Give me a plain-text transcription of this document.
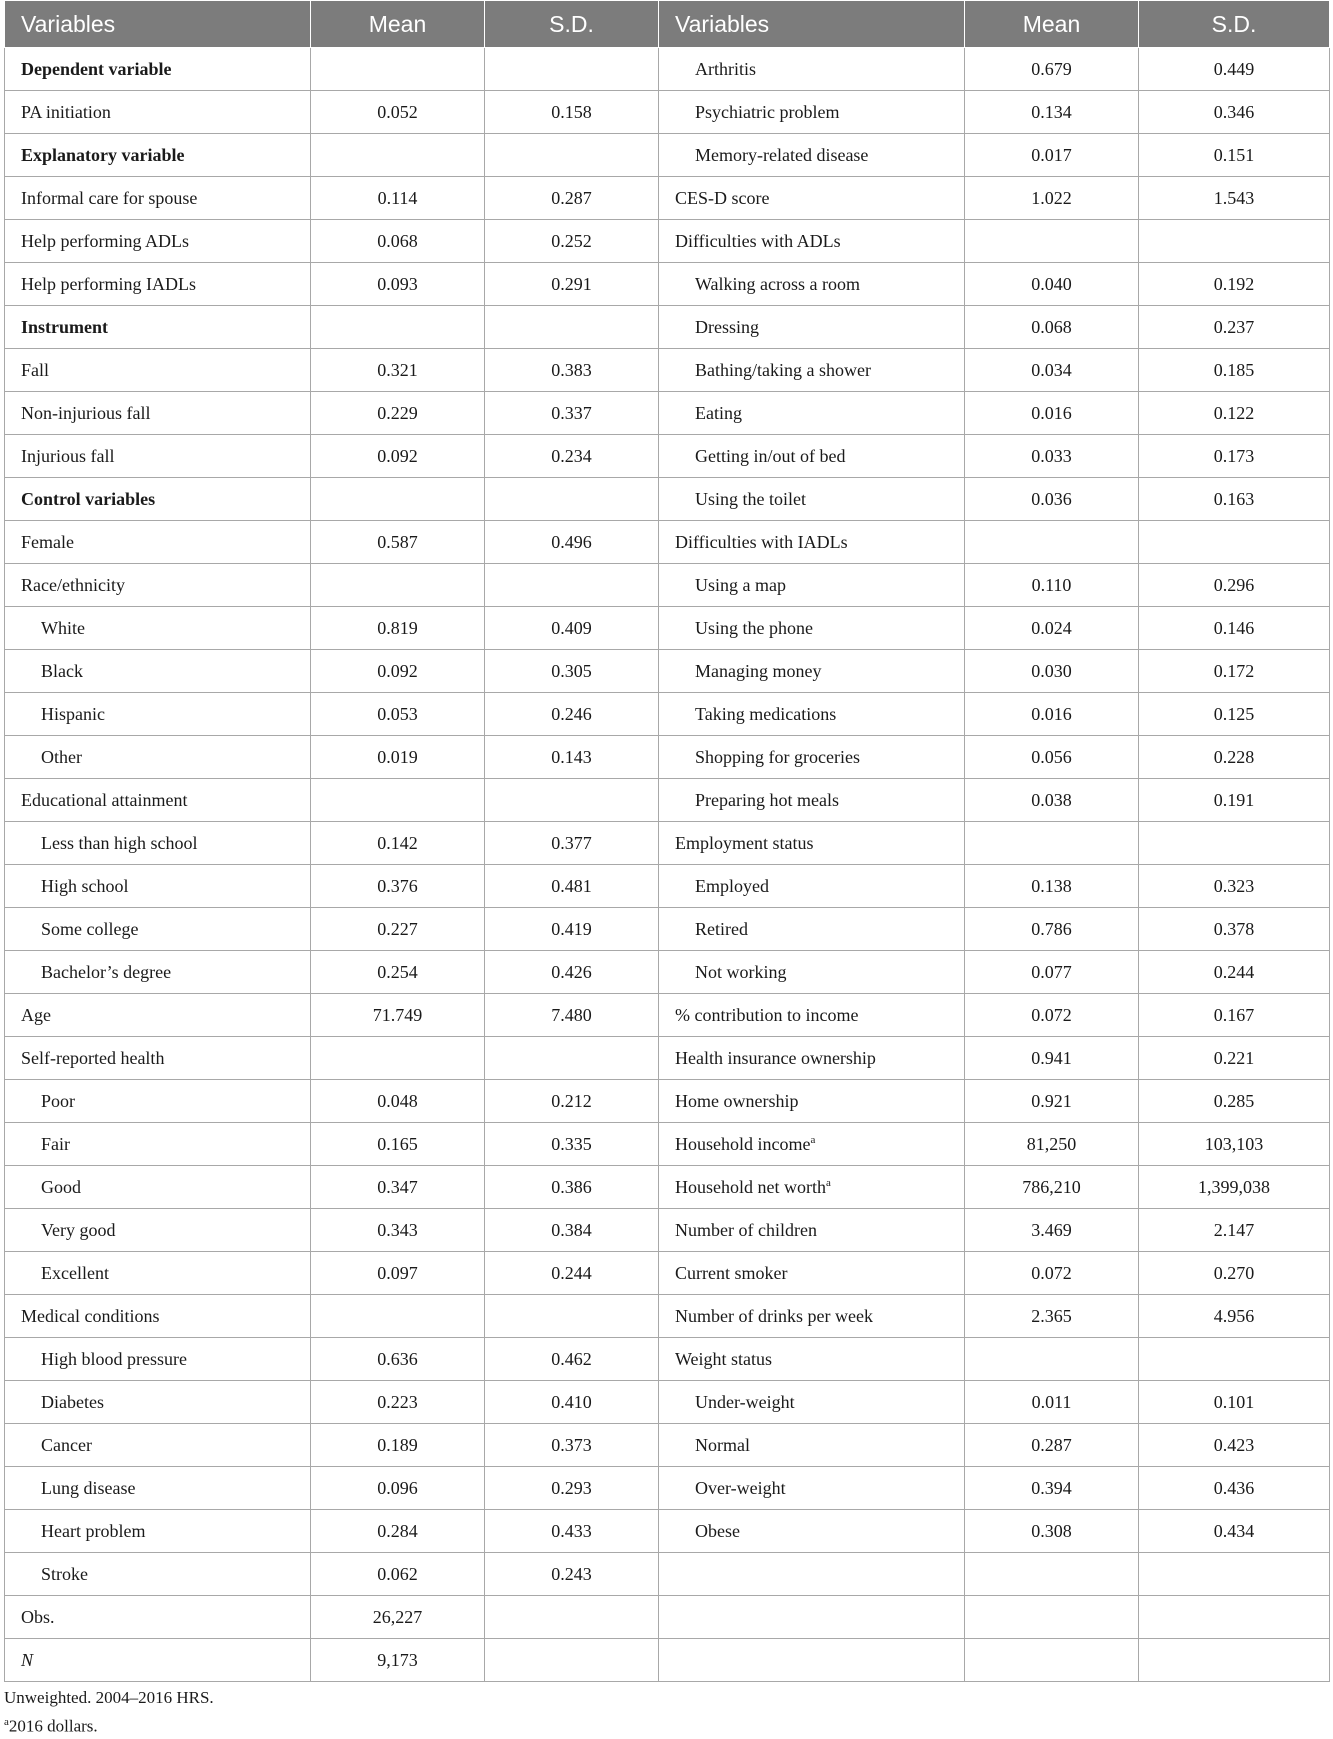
Variables	Mean	S.D.	Variables	Mean	S.D.
Dependent variable			Arthritis	0.679	0.449
PA initiation	0.052	0.158	Psychiatric problem	0.134	0.346
Explanatory variable			Memory-related disease	0.017	0.151
Informal care for spouse	0.114	0.287	CES-D score	1.022	1.543
Help performing ADLs	0.068	0.252	Difficulties with ADLs		
Help performing IADLs	0.093	0.291	Walking across a room	0.040	0.192
Instrument			Dressing	0.068	0.237
Fall	0.321	0.383	Bathing/taking a shower	0.034	0.185
Non-injurious fall	0.229	0.337	Eating	0.016	0.122
Injurious fall	0.092	0.234	Getting in/out of bed	0.033	0.173
Control variables			Using the toilet	0.036	0.163
Female	0.587	0.496	Difficulties with IADLs		
Race/ethnicity			Using a map	0.110	0.296
White	0.819	0.409	Using the phone	0.024	0.146
Black	0.092	0.305	Managing money	0.030	0.172
Hispanic	0.053	0.246	Taking medications	0.016	0.125
Other	0.019	0.143	Shopping for groceries	0.056	0.228
Educational attainment			Preparing hot meals	0.038	0.191
Less than high school	0.142	0.377	Employment status		
High school	0.376	0.481	Employed	0.138	0.323
Some college	0.227	0.419	Retired	0.786	0.378
Bachelor’s degree	0.254	0.426	Not working	0.077	0.244
Age	71.749	7.480	% contribution to income	0.072	0.167
Self-reported health			Health insurance ownership	0.941	0.221
Poor	0.048	0.212	Home ownership	0.921	0.285
Fair	0.165	0.335	Household income$^a$	81,250	103,103
Good	0.347	0.386	Household net worth$^a$	786,210	1,399,038
Very good	0.343	0.384	Number of children	3.469	2.147
Excellent	0.097	0.244	Current smoker	0.072	0.270
Medical conditions			Number of drinks per week	2.365	4.956
High blood pressure	0.636	0.462	Weight status		
Diabetes	0.223	0.410	Under-weight	0.011	0.101
Cancer	0.189	0.373	Normal	0.287	0.423
Lung disease	0.096	0.293	Over-weight	0.394	0.436
Heart problem	0.284	0.433	Obese	0.308	0.434
Stroke	0.062	0.243			
Obs.	26,227				
N	9,173				
Unweighted. 2004–2016 HRS.
$^a$2016 dollars.
